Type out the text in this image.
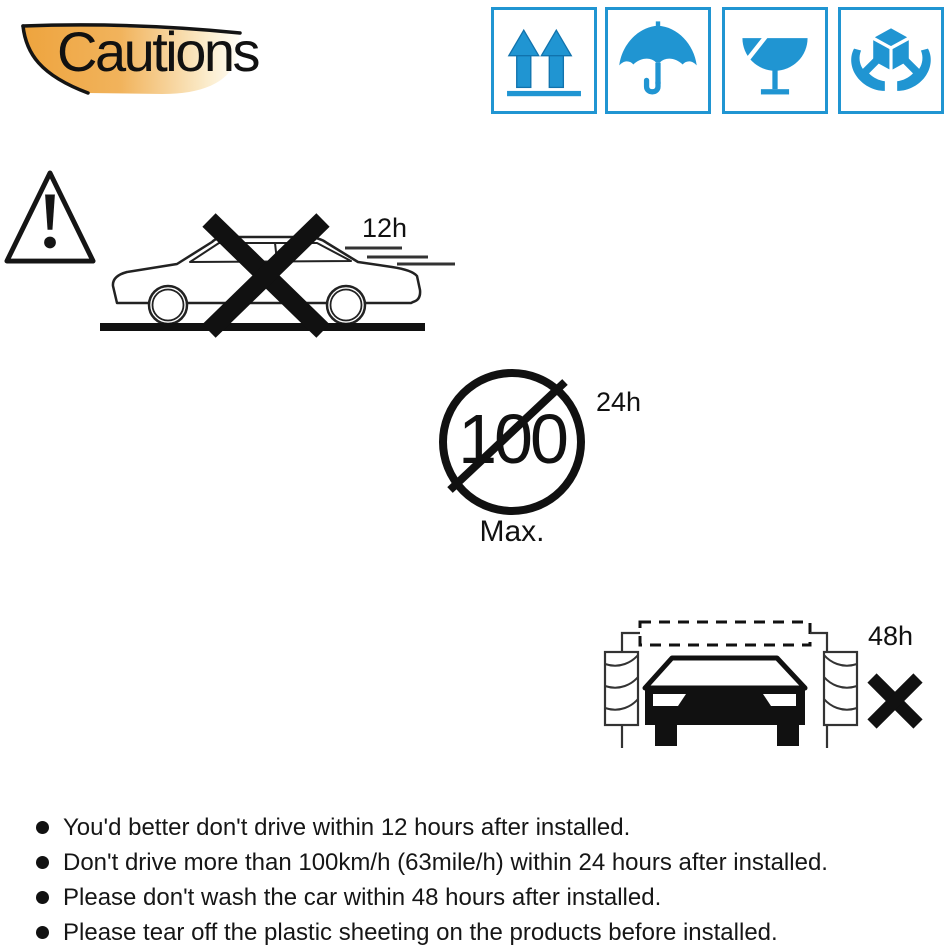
Cautions
12h
100	24h
Max.
48h
You'd better don't drive within 12 hours after installed.
Don't drive more than 100km/h (63mile/h) within 24 hours after installed.
Please don't wash the car within 48 hours after installed.
Please tear off the plastic sheeting on the products before installed.
